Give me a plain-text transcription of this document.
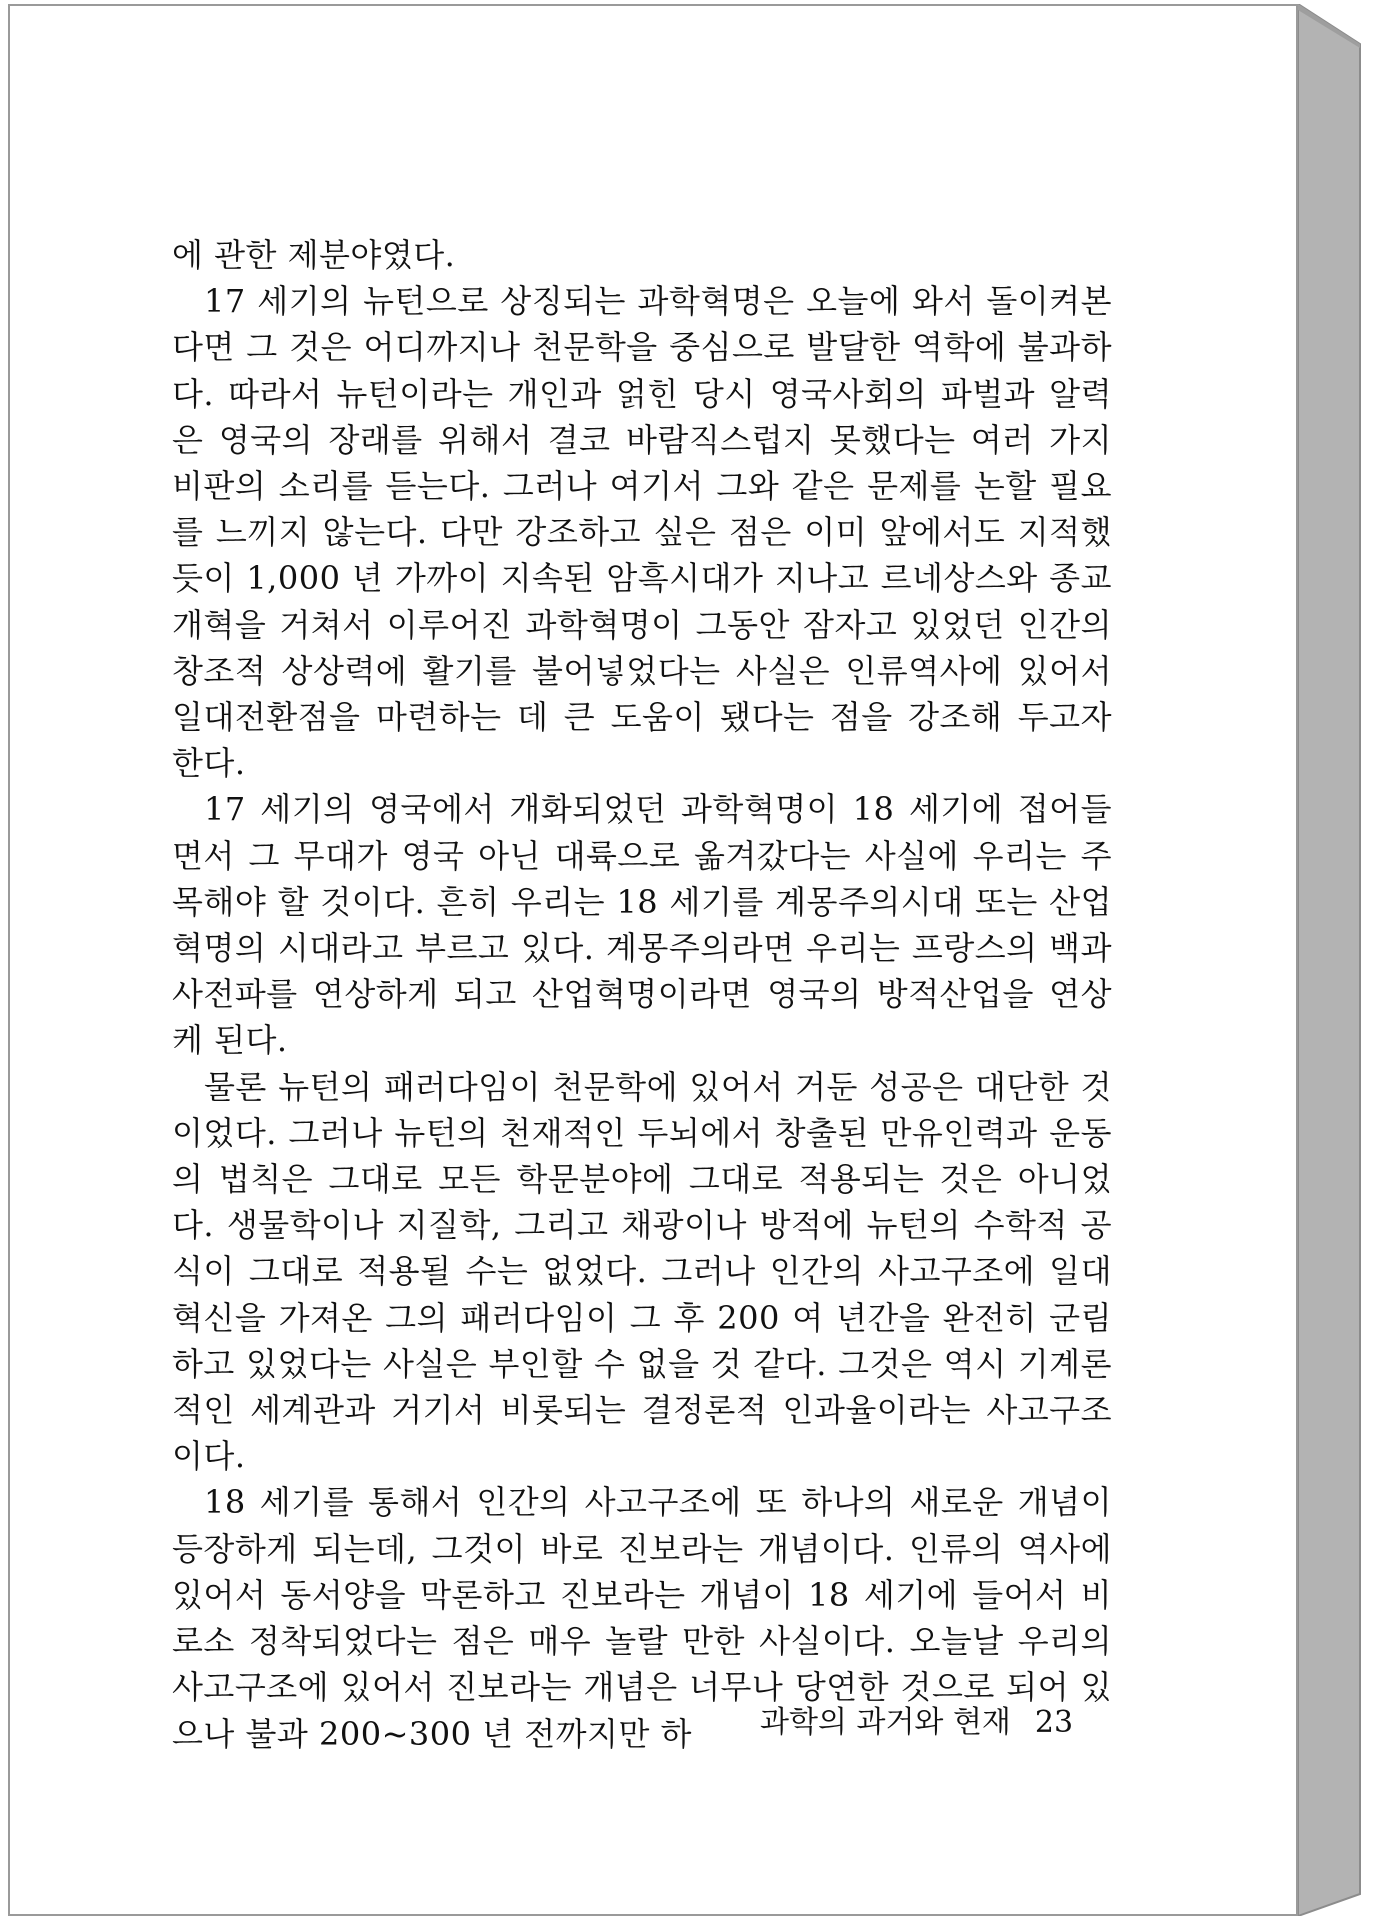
에 관한 제분야였다.

17 세기의 뉴턴으로 상징되는 과학혁명은 오늘에 와서 돌이켜본다면 그 것은 어디까지나 천문학을 중심으로 발달한 역학에 불과하다. 따라서 뉴턴이라는 개인과 얽힌 당시 영국사회의 파벌과 알력은 영국의 장래를 위해서 결코 바람직스럽지 못했다는 여러 가지 비판의 소리를 듣는다. 그러나 여기서 그와 같은 문제를 논할 필요를 느끼지 않는다. 다만 강조하고 싶은 점은 이미 앞에서도 지적했듯이 1,000 년 가까이 지속된 암흑시대가 지나고 르네상스와 종교개혁을 거쳐서 이루어진 과학혁명이 그동안 잠자고 있었던 인간의 창조적 상상력에 활기를 불어넣었다는 사실은 인류역사에 있어서 일대전환점을 마련하는 데 큰 도움이 됐다는 점을 강조해 두고자 한다.

17 세기의 영국에서 개화되었던 과학혁명이 18 세기에 접어들면서 그 무대가 영국 아닌 대륙으로 옮겨갔다는 사실에 우리는 주목해야 할 것이다. 흔히 우리는 18 세기를 계몽주의시대 또는 산업혁명의 시대라고 부르고 있다. 계몽주의라면 우리는 프랑스의 백과사전파를 연상하게 되고 산업혁명이라면 영국의 방적산업을 연상케 된다.

물론 뉴턴의 패러다임이 천문학에 있어서 거둔 성공은 대단한 것이었다. 그러나 뉴턴의 천재적인 두뇌에서 창출된 만유인력과 운동의 법칙은 그대로 모든 학문분야에 그대로 적용되는 것은 아니었다. 생물학이나 지질학, 그리고 채광이나 방적에 뉴턴의 수학적 공식이 그대로 적용될 수는 없었다. 그러나 인간의 사고구조에 일대 혁신을 가져온 그의 패러다임이 그 후 200 여 년간을 완전히 군림하고 있었다는 사실은 부인할 수 없을 것 같다. 그것은 역시 기계론적인 세계관과 거기서 비롯되는 결정론적 인과율이라는 사고구조이다.

18 세기를 통해서 인간의 사고구조에 또 하나의 새로운 개념이 등장하게 되는데, 그것이 바로 진보라는 개념이다. 인류의 역사에 있어서 동서양을 막론하고 진보라는 개념이 18 세기에 들어서 비로소 정착되었다는 점은 매우 놀랄 만한 사실이다. 오늘날 우리의 사고구조에 있어서 진보라는 개념은 너무나 당연한 것으로 되어 있으나 불과 200~300 년 전까지만 하	과학의 과거와 현재 23
